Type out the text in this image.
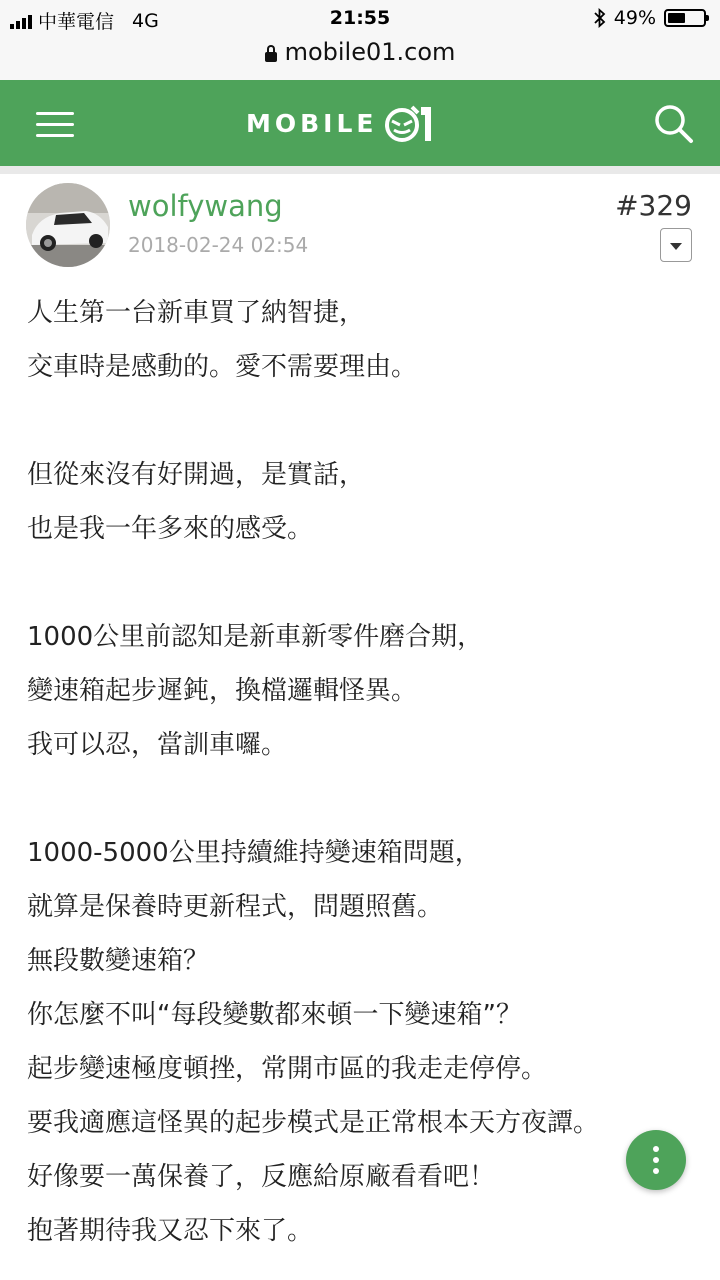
中華電信 4G	21:55	49%
mobile01.com
MOBILE
wolfywang
2018-02-24 02:54
#329
人生第一台新車買了納智捷，
交車時是感動的。愛不需要理由。
但從來沒有好開過，是實話，
也是我一年多來的感受。
1000公里前認知是新車新零件磨合期，
變速箱起步遲鈍，換檔邏輯怪異。
我可以忍，當訓車囉。
1000-5000公里持續維持變速箱問題，
就算是保養時更新程式，問題照舊。
無段數變速箱？
你怎麼不叫“每段變數都來頓一下變速箱”？
起步變速極度頓挫，常開市區的我走走停停。
要我適應這怪異的起步模式是正常根本天方夜譚。
好像要一萬保養了，反應給原廠看看吧！
抱著期待我又忍下來了。
